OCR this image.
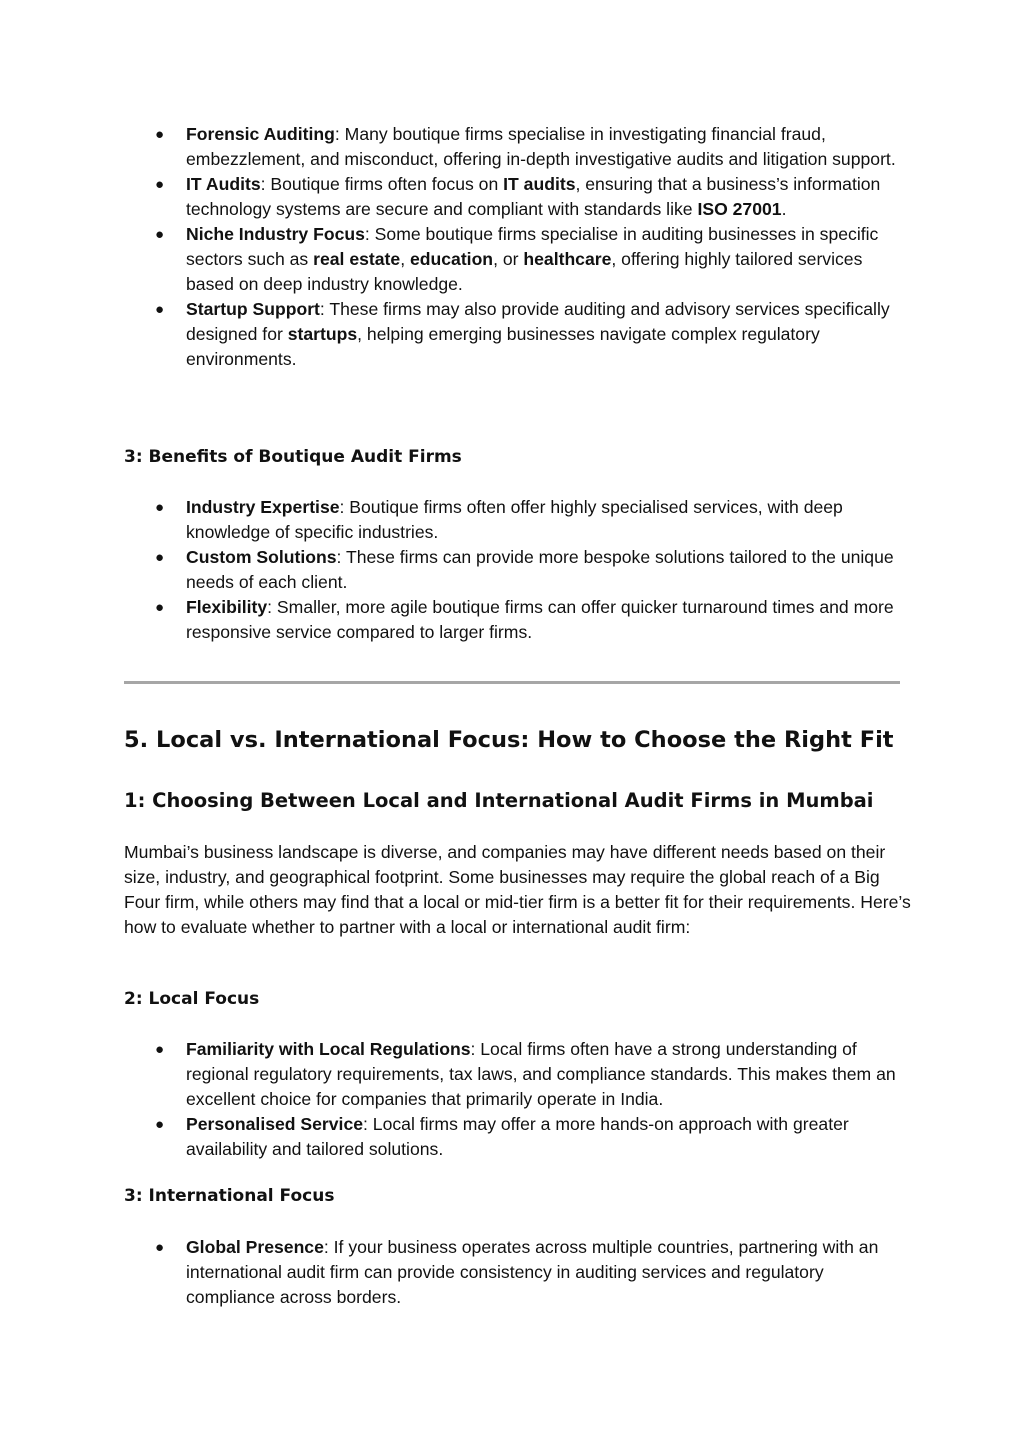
● Forensic Auditing: Many boutique firms specialise in investigating financial fraud, embezzlement, and misconduct, offering in-depth investigative audits and litigation support.
● IT Audits: Boutique firms often focus on IT audits, ensuring that a business’s information technology systems are secure and compliant with standards like ISO 27001.
● Niche Industry Focus: Some boutique firms specialise in auditing businesses in specific sectors such as real estate, education, or healthcare, offering highly tailored services based on deep industry knowledge.
● Startup Support: These firms may also provide auditing and advisory services specifically designed for startups, helping emerging businesses navigate complex regulatory environments.
3: Benefits of Boutique Audit Firms
● Industry Expertise: Boutique firms often offer highly specialised services, with deep knowledge of specific industries.
● Custom Solutions: These firms can provide more bespoke solutions tailored to the unique needs of each client.
● Flexibility: Smaller, more agile boutique firms can offer quicker turnaround times and more responsive service compared to larger firms.
5. Local vs. International Focus: How to Choose the Right Fit
1: Choosing Between Local and International Audit Firms in Mumbai
Mumbai’s business landscape is diverse, and companies may have different needs based on their size, industry, and geographical footprint. Some businesses may require the global reach of a Big Four firm, while others may find that a local or mid-tier firm is a better fit for their requirements. Here’s how to evaluate whether to partner with a local or international audit firm:
2: Local Focus
● Familiarity with Local Regulations: Local firms often have a strong understanding of regional regulatory requirements, tax laws, and compliance standards. This makes them an excellent choice for companies that primarily operate in India.
● Personalised Service: Local firms may offer a more hands-on approach with greater availability and tailored solutions.
3: International Focus
● Global Presence: If your business operates across multiple countries, partnering with an international audit firm can provide consistency in auditing services and regulatory compliance across borders.
